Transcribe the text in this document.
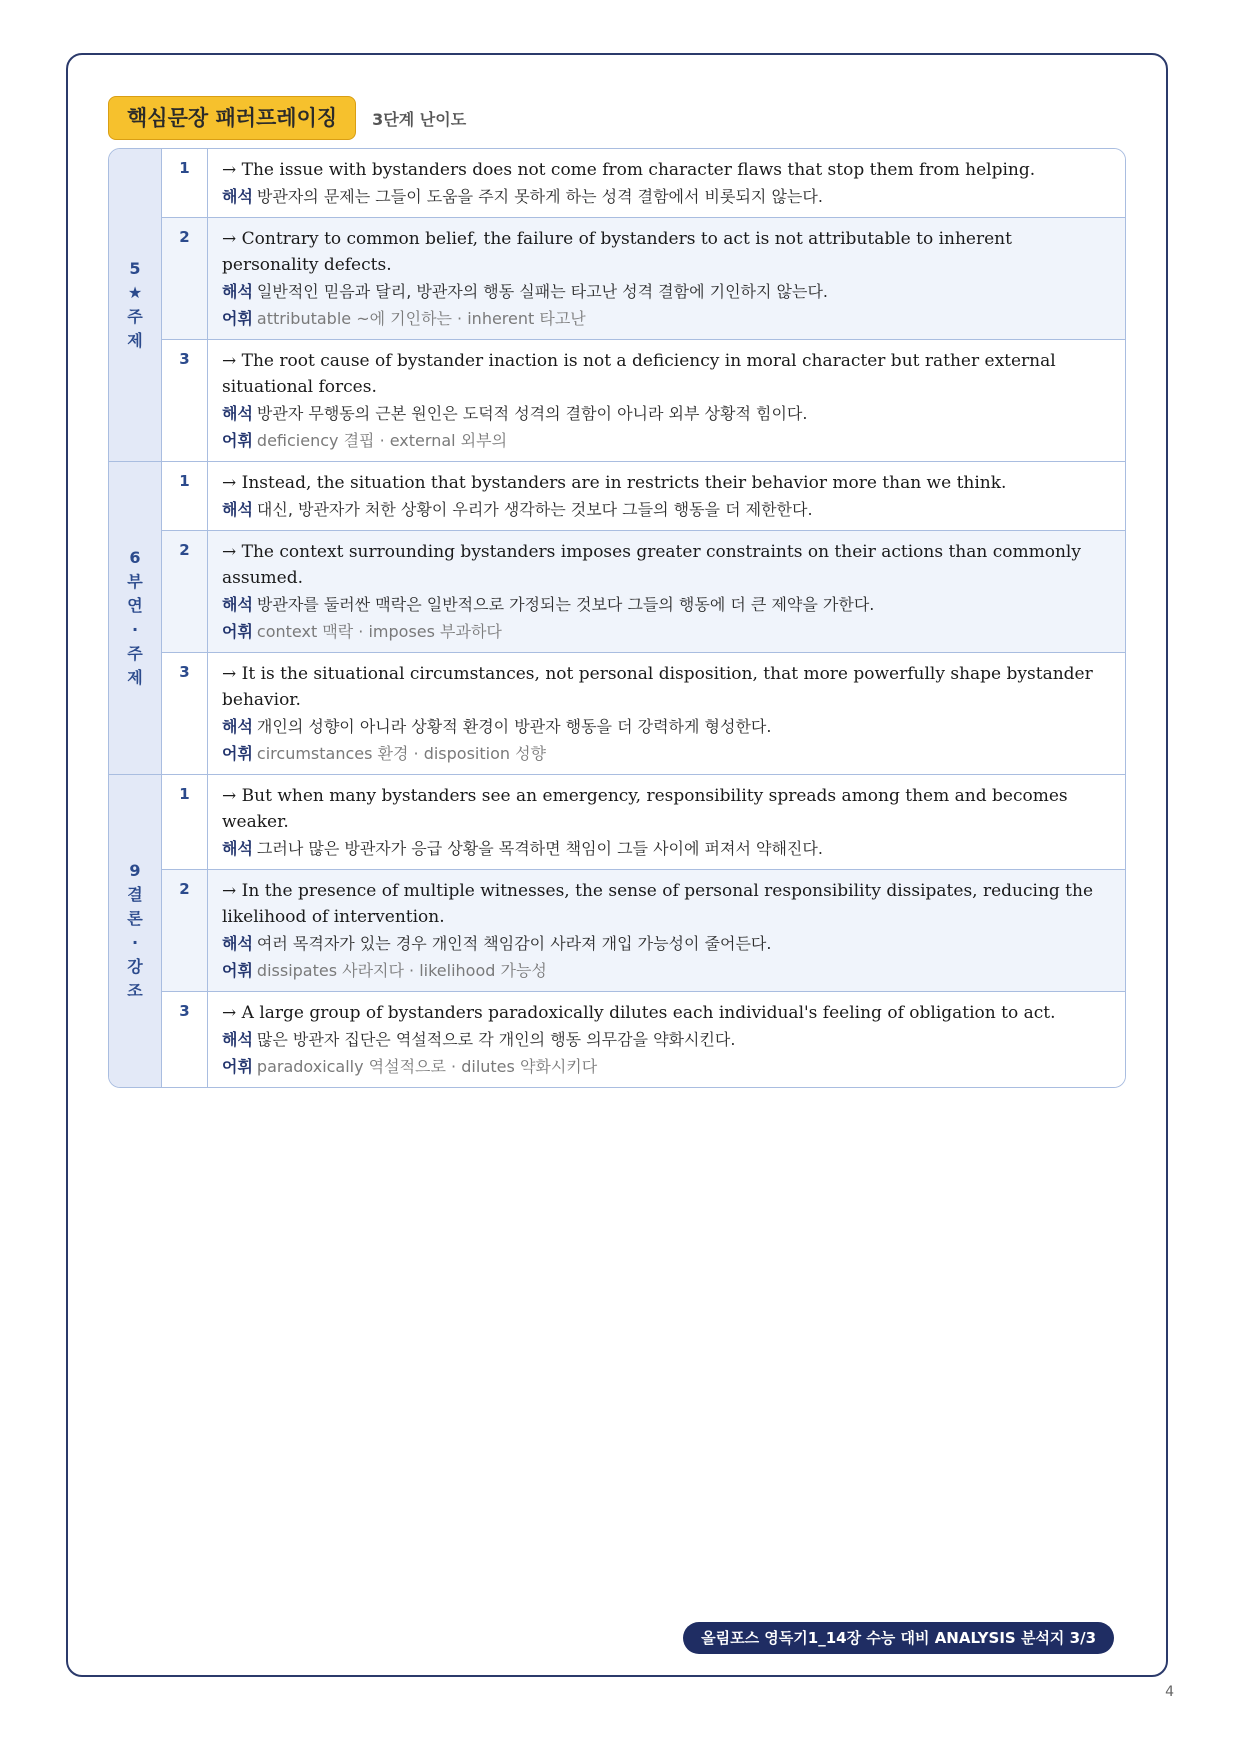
핵심문장 패러프레이징	3단계 난이도
5★주제
1	→ The issue with bystanders does not come from character flaws that stop them from helping.
해석 방관자의 문제는 그들이 도움을 주지 못하게 하는 성격 결함에서 비롯되지 않는다.
2	→ Contrary to common belief, the failure of bystanders to act is not attributable to inherent personality defects.
해석 일반적인 믿음과 달리, 방관자의 행동 실패는 타고난 성격 결함에 기인하지 않는다.
어휘 attributable ~에 기인하는 · inherent 타고난
3	→ The root cause of bystander inaction is not a deficiency in moral character but rather external situational forces.
해석 방관자 무행동의 근본 원인은 도덕적 성격의 결함이 아니라 외부 상황적 힘이다.
어휘 deficiency 결핍 · external 외부의
6부연·주제
1	→ Instead, the situation that bystanders are in restricts their behavior more than we think.
해석 대신, 방관자가 처한 상황이 우리가 생각하는 것보다 그들의 행동을 더 제한한다.
2	→ The context surrounding bystanders imposes greater constraints on their actions than commonly assumed.
해석 방관자를 둘러싼 맥락은 일반적으로 가정되는 것보다 그들의 행동에 더 큰 제약을 가한다.
어휘 context 맥락 · imposes 부과하다
3	→ It is the situational circumstances, not personal disposition, that more powerfully shape bystander behavior.
해석 개인의 성향이 아니라 상황적 환경이 방관자 행동을 더 강력하게 형성한다.
어휘 circumstances 환경 · disposition 성향
9결론·강조
1	→ But when many bystanders see an emergency, responsibility spreads among them and becomes weaker.
해석 그러나 많은 방관자가 응급 상황을 목격하면 책임이 그들 사이에 퍼져서 약해진다.
2	→ In the presence of multiple witnesses, the sense of personal responsibility dissipates, reducing the likelihood of intervention.
해석 여러 목격자가 있는 경우 개인적 책임감이 사라져 개입 가능성이 줄어든다.
어휘 dissipates 사라지다 · likelihood 가능성
3	→ A large group of bystanders paradoxically dilutes each individual's feeling of obligation to act.
해석 많은 방관자 집단은 역설적으로 각 개인의 행동 의무감을 약화시킨다.
어휘 paradoxically 역설적으로 · dilutes 약화시키다
올림포스 영독기1_14장 수능 대비 ANALYSIS 분석지 3/3
4
